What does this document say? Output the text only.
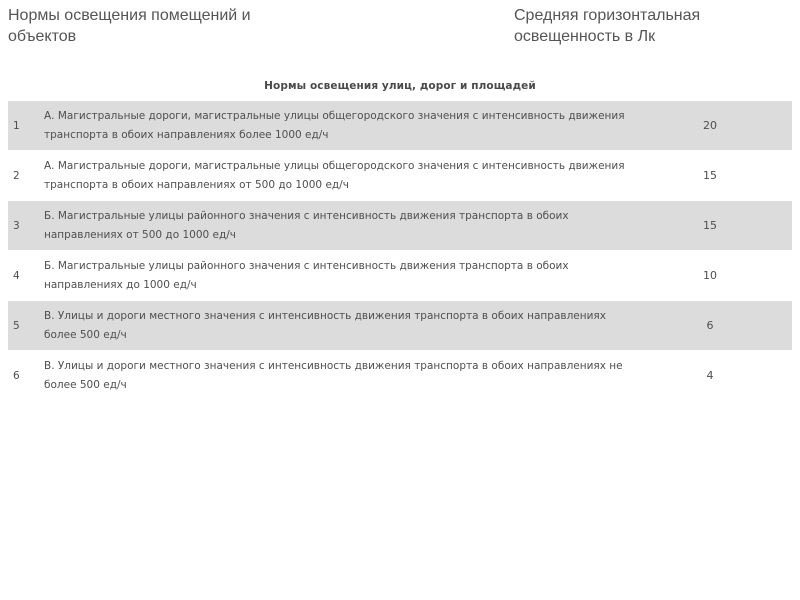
Нормы освещения помещений и объектов
Средняя горизонтальная освещенность в Лк
Нормы освещения улиц, дорог и площадей
1
А. Магистральные дороги, магистральные улицы общегородского значения с интенсивность движения транспорта в обоих направлениях более 1000 ед/ч
20
2
А. Магистральные дороги, магистральные улицы общегородского значения с интенсивность движения транспорта в обоих направлениях от 500 до 1000 ед/ч
15
3
Б. Магистральные улицы районного значения с интенсивность движения транспорта в обоих направлениях от 500 до 1000 ед/ч
15
4
Б. Магистральные улицы районного значения с интенсивность движения транспорта в обоих направлениях до 1000 ед/ч
10
5
В. Улицы и дороги местного значения с интенсивность движения транспорта в обоих направлениях более 500 ед/ч
6
6
В. Улицы и дороги местного значения с интенсивность движения транспорта в обоих направлениях не более 500 ед/ч
4
